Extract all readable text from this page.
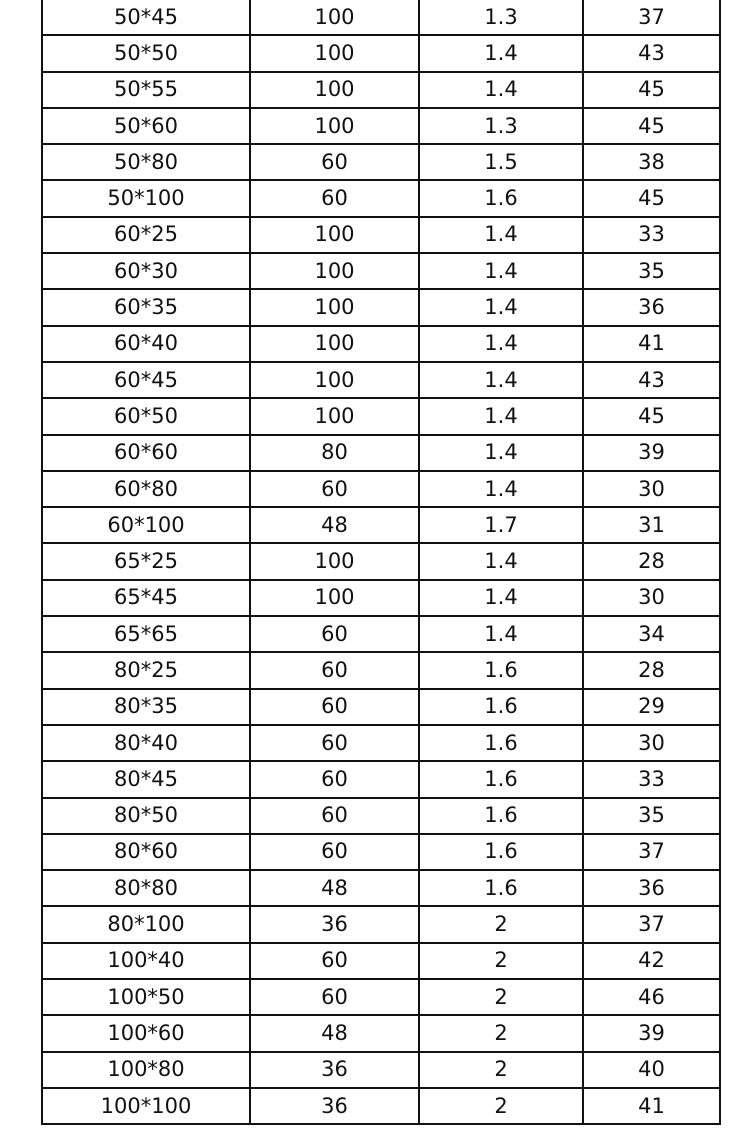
50*45	100	1.3	37
50*50	100	1.4	43
50*55	100	1.4	45
50*60	100	1.3	45
50*80	60	1.5	38
50*100	60	1.6	45
60*25	100	1.4	33
60*30	100	1.4	35
60*35	100	1.4	36
60*40	100	1.4	41
60*45	100	1.4	43
60*50	100	1.4	45
60*60	80	1.4	39
60*80	60	1.4	30
60*100	48	1.7	31
65*25	100	1.4	28
65*45	100	1.4	30
65*65	60	1.4	34
80*25	60	1.6	28
80*35	60	1.6	29
80*40	60	1.6	30
80*45	60	1.6	33
80*50	60	1.6	35
80*60	60	1.6	37
80*80	48	1.6	36
80*100	36	2	37
100*40	60	2	42
100*50	60	2	46
100*60	48	2	39
100*80	36	2	40
100*100	36	2	41
